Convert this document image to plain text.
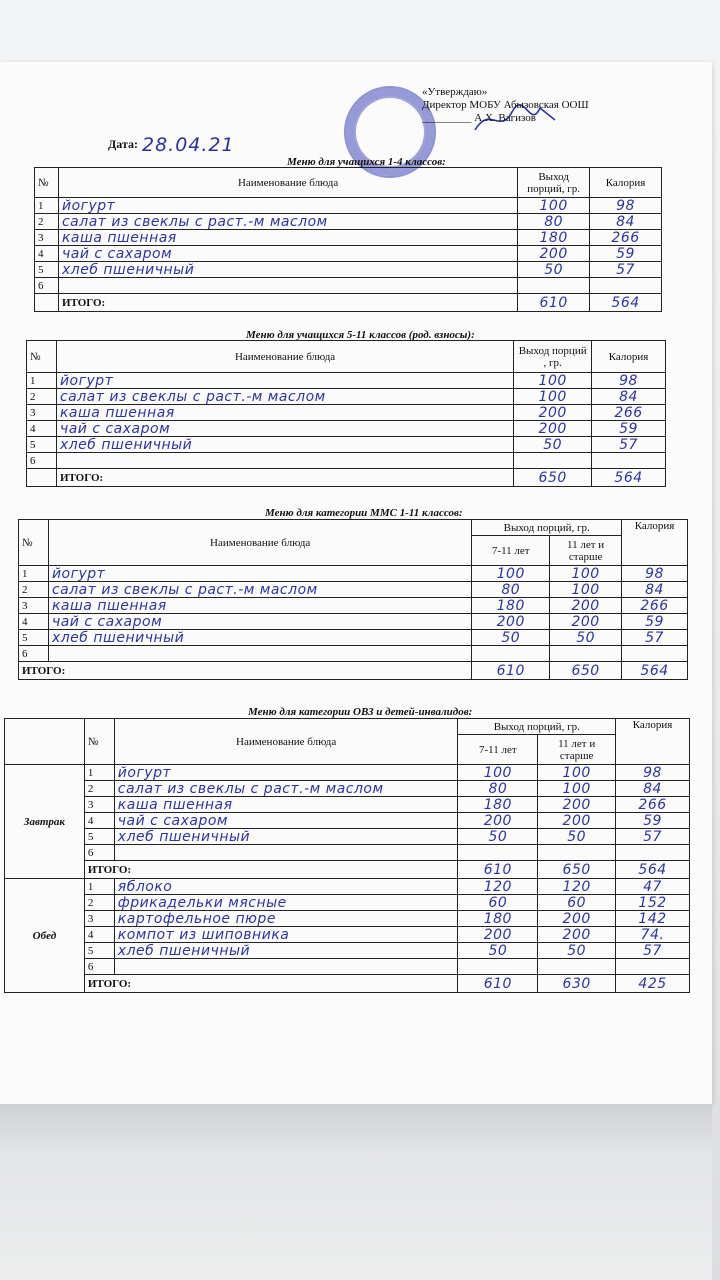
«Утверждаю»
Директор МОБУ Абызовская ООШ
_________ А.Х. Вагизов
Дата: 28.04.21
Меню для учащихся 1-4 классов:
№	Наименование блюда	Выход порций, гр.	Калория
1	йогурт	100	98
2	салат из свеклы с раст.-м маслом	80	84
3	каша пшенная	180	266
4	чай с сахаром	200	59
5	хлеб пшеничный	50	57
6			
	ИТОГО:	610	564
Меню для учащихся 5-11 классов (род. взносы):
№	Наименование блюда	Выход порций , гр.	Калория
1	йогурт	100	98
2	салат из свеклы с раст.-м маслом	100	84
3	каша пшенная	200	266
4	чай с сахаром	200	59
5	хлеб пшеничный	50	57
6			
	ИТОГО:	650	564
Меню для категории МMC 1-11 классов:
№	Наименование блюда	Выход порций, гр.		Калория
		7-11 лет	11 лет и старше	
1	йогурт	100	100	98
2	салат из свеклы с раст.-м маслом	80	100	84
3	каша пшенная	180	200	266
4	чай с сахаром	200	200	59
5	хлеб пшеничный	50	50	57
6				
ИТОГО:		610	650	564
Меню для категории ОВЗ и детей-инвалидов:
	№	Наименование блюда	Выход порций, гр.		Калория
			7-11 лет	11 лет и старше	
Завтрак	1	йогурт	100	100	98
	2	салат из свеклы с раст.-м маслом	80	100	84
	3	каша пшенная	180	200	266
	4	чай с сахаром	200	200	59
	5	хлеб пшеничный	50	50	57
	6				
	ИТОГО:		610	650	564
Обед	1	яблоко	120	120	47
	2	фрикадельки мясные	60	60	152
	3	картофельное пюре	180	200	142
	4	компот из шиповника	200	200	74.
	5	хлеб пшеничный	50	50	57
	6				
	ИТОГО:		610	630	425
